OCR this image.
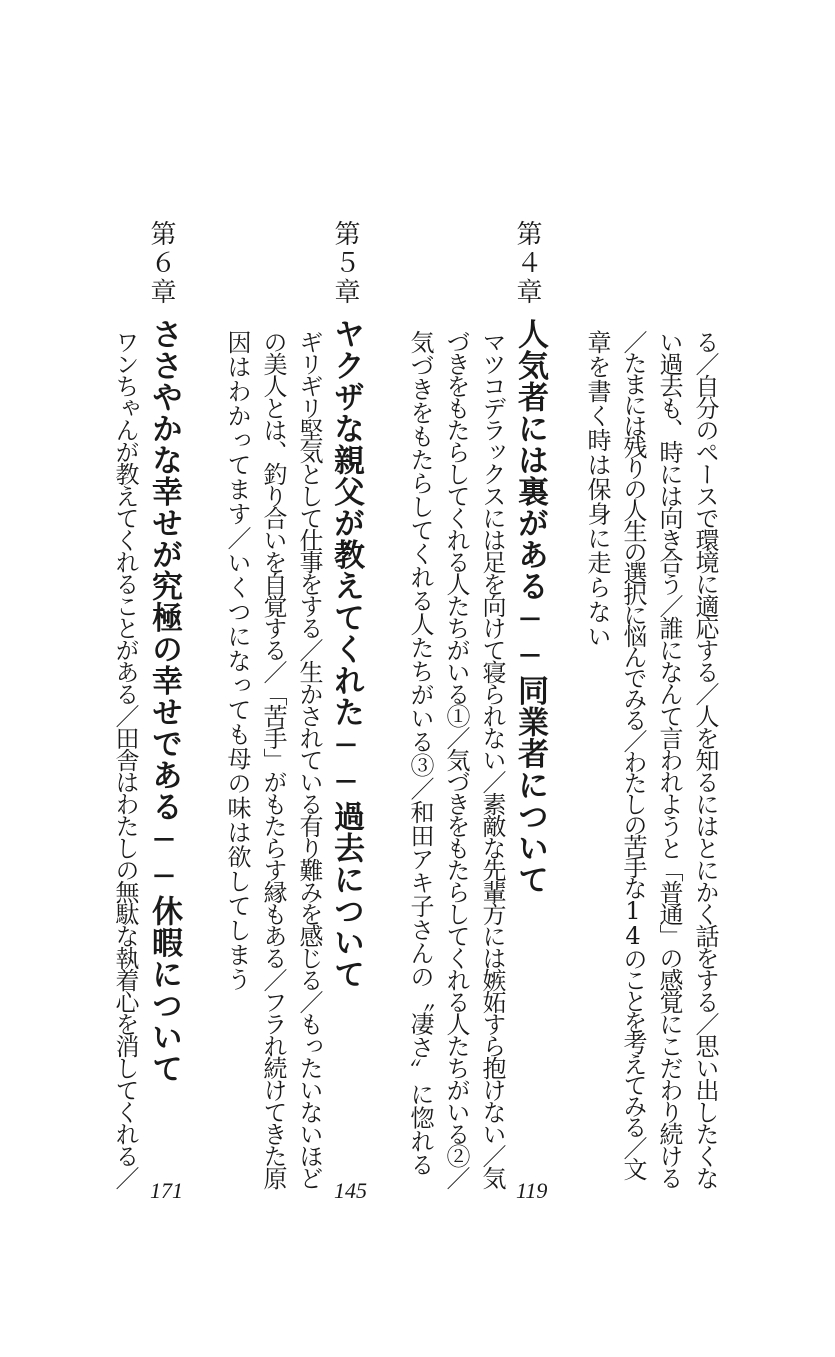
る／自分のペースで環境に適応する／人を知るにはとにかく話をする／思い出したくな
い過去も、時には向き合う／誰になんて言われようと「普通」の感覚にこだわり続ける
／たまには残りの人生の選択に悩んでみる／わたしの苦手な14のことを考えてみる／文
章を書く時は保身に走らない
第４章
人気者には裏がある──同業者について
119
マツコデラックスには足を向けて寝られない／素敵な先輩方には嫉妬すら抱けない／気
づきをもたらしてくれる人たちがいる①／気づきをもたらしてくれる人たちがいる②／
気づきをもたらしてくれる人たちがいる③／和田アキ子さんの〝凄さ〟に惚れる
第５章
ヤクザな親父が教えてくれた──過去について
145
ギリギリ堅気として仕事をする／生かされている有り難みを感じる／もったいないほど
の美人とは、釣り合いを自覚する／「苦手」がもたらす縁もある／フラれ続けてきた原
因はわかってます／いくつになっても母の味は欲してしまう
第６章
ささやかな幸せが究極の幸せである──休暇について
171
ワンちゃんが教えてくれることがある／田舎はわたしの無駄な執着心を消してくれる／
